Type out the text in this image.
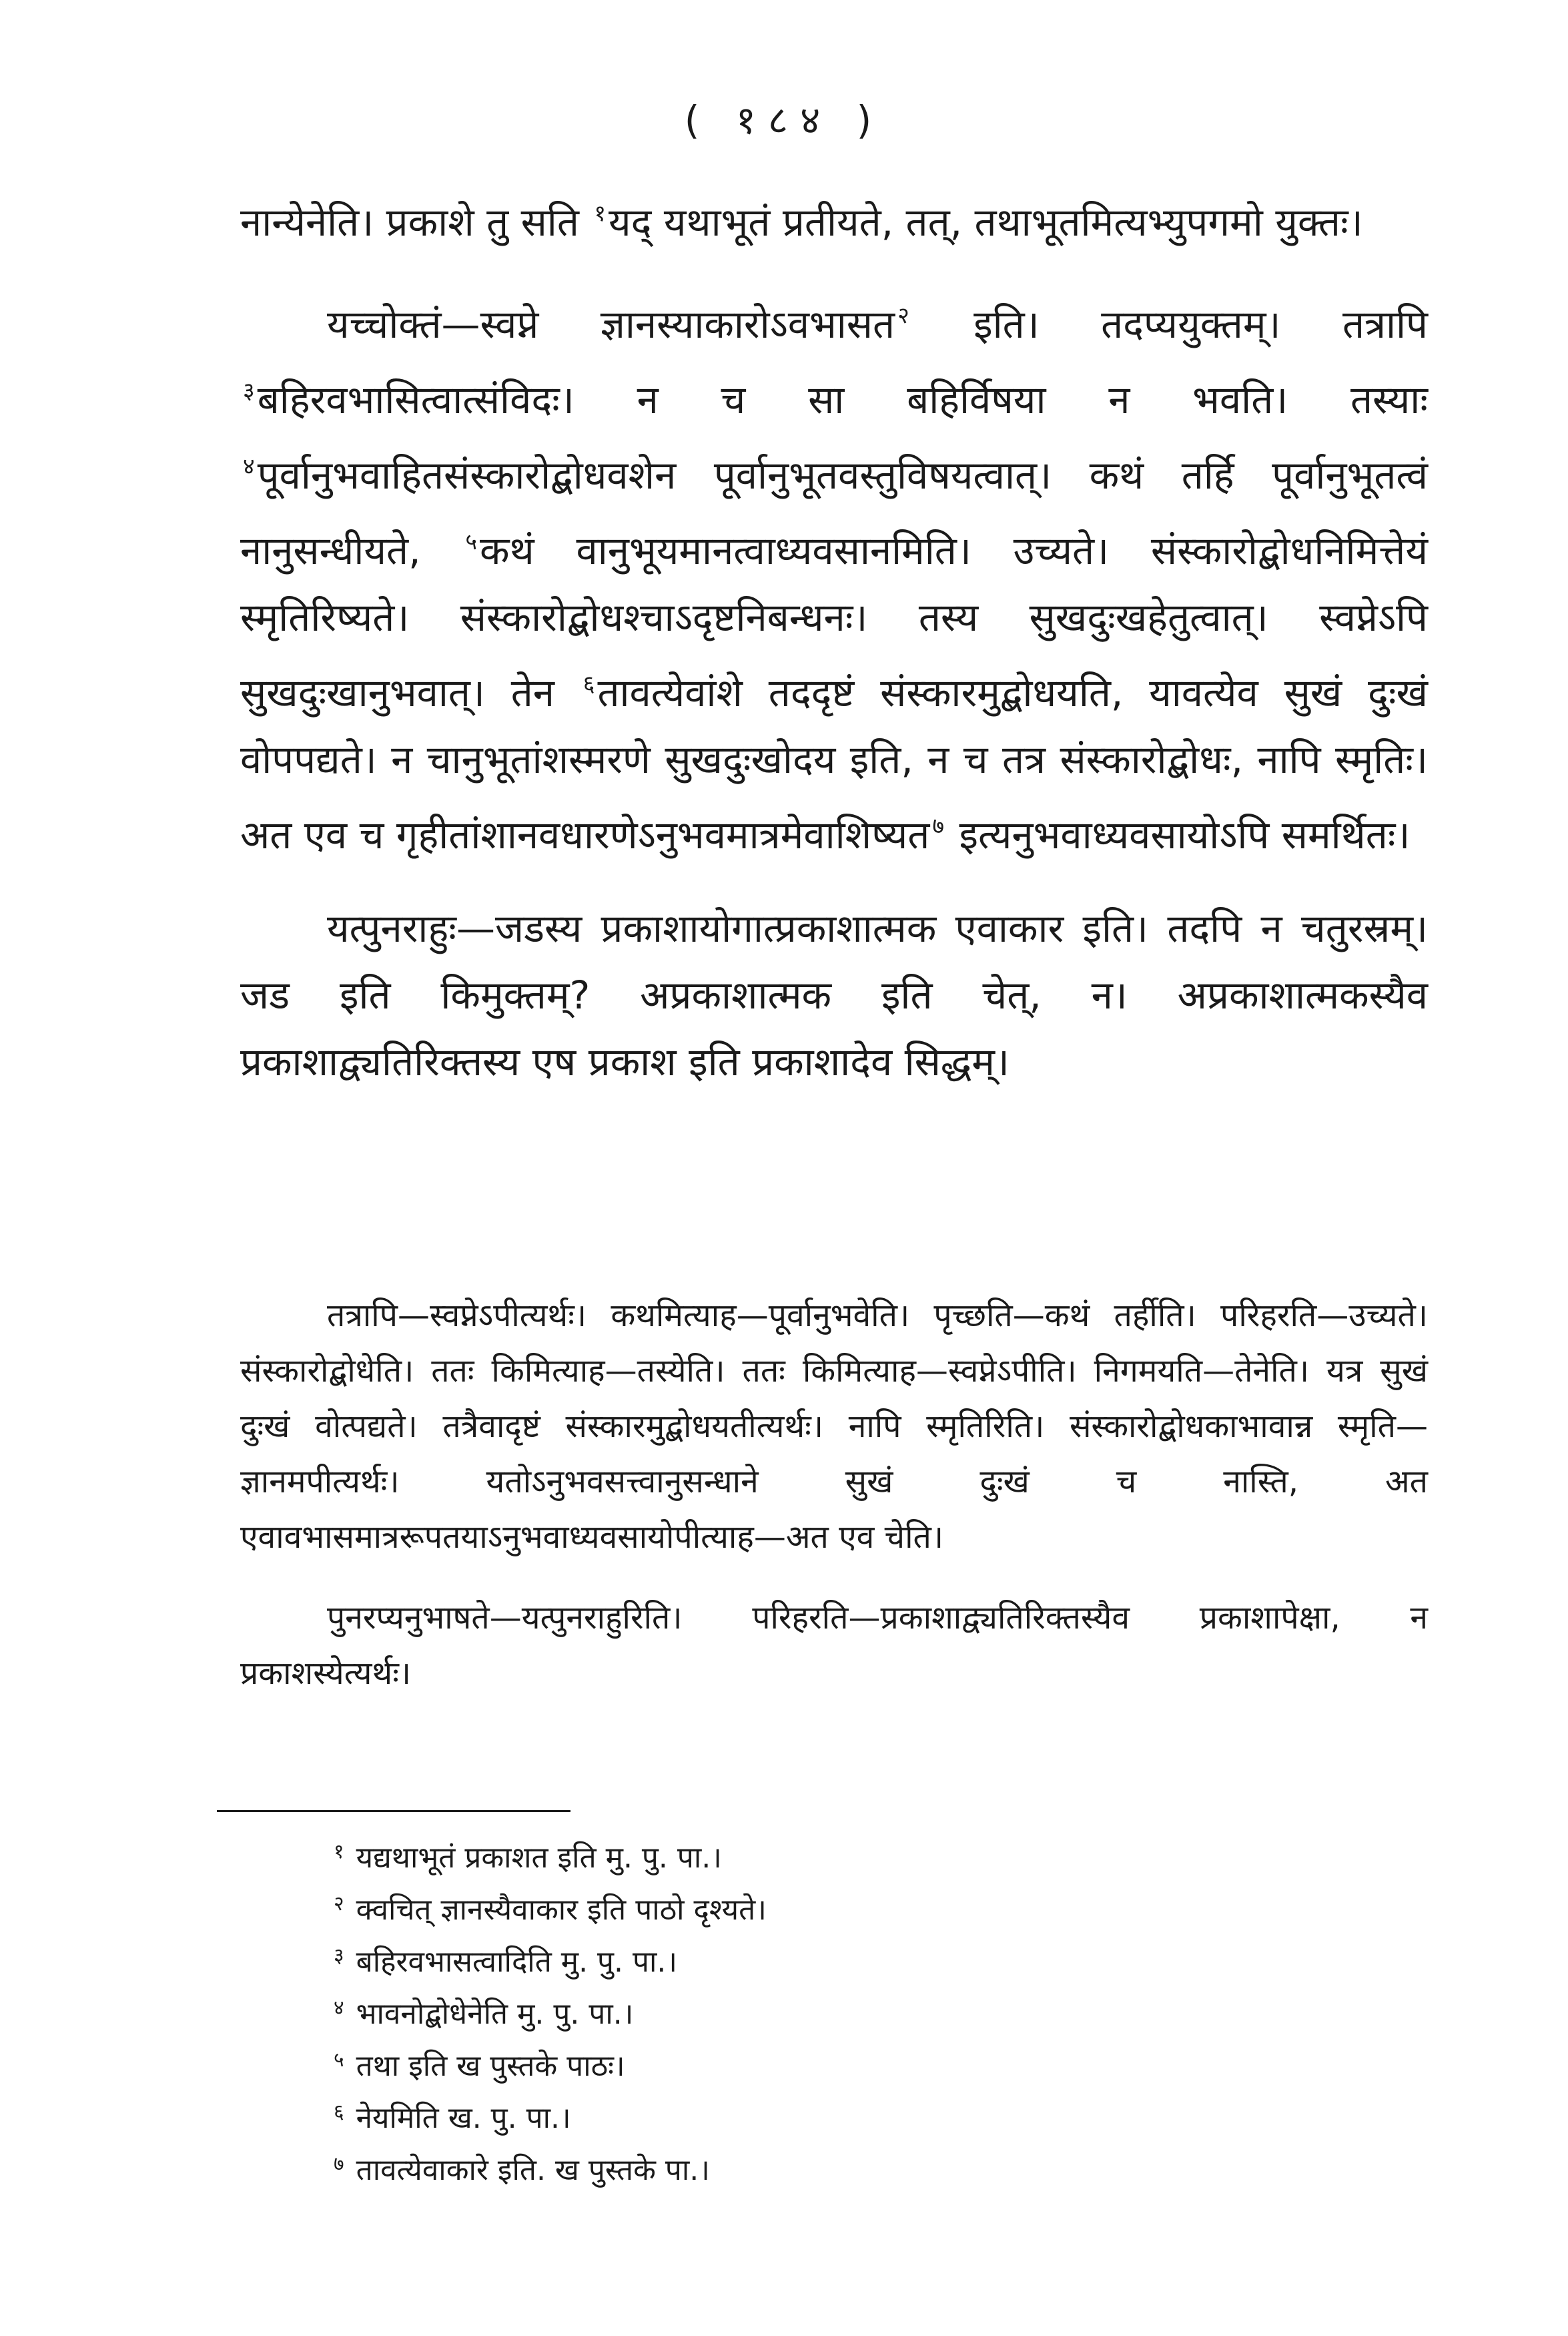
( १८४ )

नान्येनेति। प्रकाशे तु सति $^१$यद् यथाभूतं प्रतीयते, तत्, तथाभूतमित्यभ्युपगमो युक्तः।

यच्चोक्तं—स्वप्ने ज्ञानस्याकारोऽवभासत $^२$ इति। तदप्ययुक्तम्। तत्रापि $^३$बहिरवभासित्वात्संविदः। न च सा बहिर्विषया न भवति। तस्याः $^४$पूर्वानुभवाहितसंस्कारोद्बोधवशेन पूर्वानुभूतवस्तुविषयत्वात्। कथं तर्हि पूर्वानुभूतत्वं नानुसन्धीयते, $^५$कथं वानुभूयमानत्वाध्यवसानमिति। उच्यते। संस्कारोद्बोधनिमित्तेयं स्मृतिरिष्यते। संस्कारोद्बोधश्चाऽदृष्टनिबन्धनः। तस्य सुखदुःखहेतुत्वात्। स्वप्नेऽपि सुखदुःखानुभवात्। तेन $^६$तावत्येवांशे तददृष्टं संस्कारमुद्बोधयति, यावत्येव सुखं दुःखं वोपपद्यते। न चानुभूतांशस्मरणे सुखदुःखोदय इति, न च तत्र संस्कारोद्बोधः, नापि स्मृतिः। अत एव च गृहीतांशानवधारणेऽनुभवमात्रमेवाशिष्यत $^७$ इत्यनुभवाध्यवसायोऽपि समर्थितः।

यत्पुनराहुः—जडस्य प्रकाशायोगात्प्रकाशात्मक एवाकार इति। तदपि न चतुरस्रम्। जड इति किमुक्तम्? अप्रकाशात्मक इति चेत्, न। अप्रकाशात्मकस्यैव प्रकाशाद्व्यतिरिक्तस्य एष प्रकाश इति प्रकाशादेव सिद्धम्।

तत्रापि—स्वप्नेऽपीत्यर्थः। कथमित्याह—पूर्वानुभवेति। पृच्छति—कथं तर्हीति। परिहरति—उच्यते। संस्कारोद्बोधेति। ततः किमित्याह—तस्येति। ततः किमित्याह—स्वप्नेऽपीति। निगमयति—तेनेति। यत्र सुखं दुःखं वोत्पद्यते। तत्रैवादृष्टं संस्कारमुद्बोधयतीत्यर्थः। नापि स्मृतिरिति। संस्कारोद्बोधकाभावान्न स्मृति—ज्ञानमपीत्यर्थः। यतोऽनुभवसत्त्वानुसन्धाने सुखं दुःखं च नास्ति, अत एवावभासमात्ररूपतयाऽनुभवाध्यवसायोपीत्याह—अत एव चेति।

पुनरप्यनुभाषते—यत्पुनराहुरिति। परिहरति—प्रकाशाद्व्यतिरिक्तस्यैव प्रकाशापेक्षा, न प्रकाशस्येत्यर्थः।

$^१$ यद्यथाभूतं प्रकाशत इति मु. पु. पा.।
$^२$ क्वचित् ज्ञानस्यैवाकार इति पाठो दृश्यते।
$^३$ बहिरवभासत्वादिति मु. पु. पा.।
$^४$ भावनोद्बोधेनेति मु. पु. पा.।
$^५$ तथा इति ख पुस्तके पाठः।
$^६$ नेयमिति ख. पु. पा.।
$^७$ तावत्येवाकारे इति. ख पुस्तके पा.।
